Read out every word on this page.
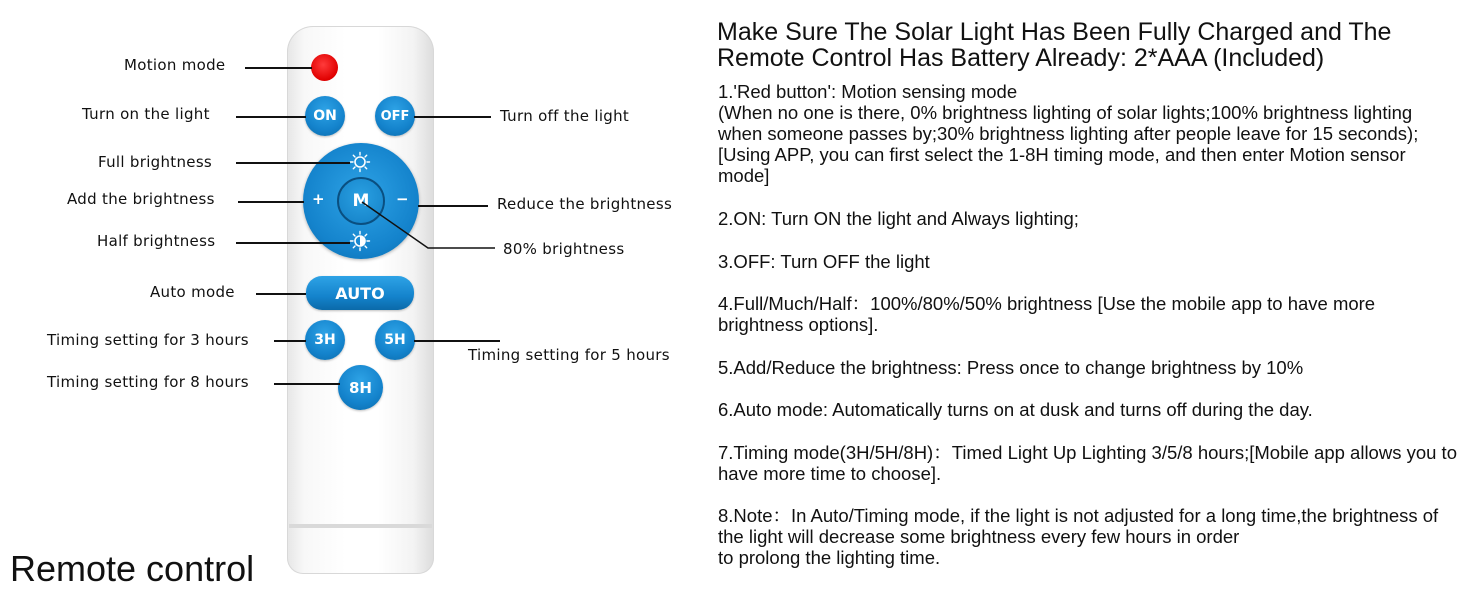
ON	OFF
+	−
M
AUTO
3H	5H
8H
Motion mode
Turn on the light	Turn off the light
Full brightness
Add the brightness	Reduce the brightness
Half brightness	80% brightness
Auto mode
Timing setting for 3 hours
Timing setting for 5 hours
Timing setting for 8 hours
Remote control
Make Sure The Solar Light Has Been Fully Charged and The Remote Control Has Battery Already: 2*AAA (Included)
1.'Red button': Motion sensing mode
(When no one is there, 0% brightness lighting of solar lights;100% brightness lighting when someone passes by;30% brightness lighting after people leave for 15 seconds);[Using APP, you can first select the 1-8H timing mode, and then enter Motion sensor mode]
2.ON: Turn ON the light and Always lighting;
3.OFF: Turn OFF the light
4.Full/Much/Half：100%/80%/50% brightness [Use the mobile app to have more brightness options].
5.Add/Reduce the brightness: Press once to change brightness by 10%
6.Auto mode: Automatically turns on at dusk and turns off during the day.
7.Timing mode(3H/5H/8H)：Timed Light Up Lighting 3/5/8 hours;[Mobile app allows you to have more time to choose].
8.Note：In Auto/Timing mode, if the light is not adjusted for a long time,the brightness of the light will decrease some brightness every few hours in order
to prolong the lighting time.
